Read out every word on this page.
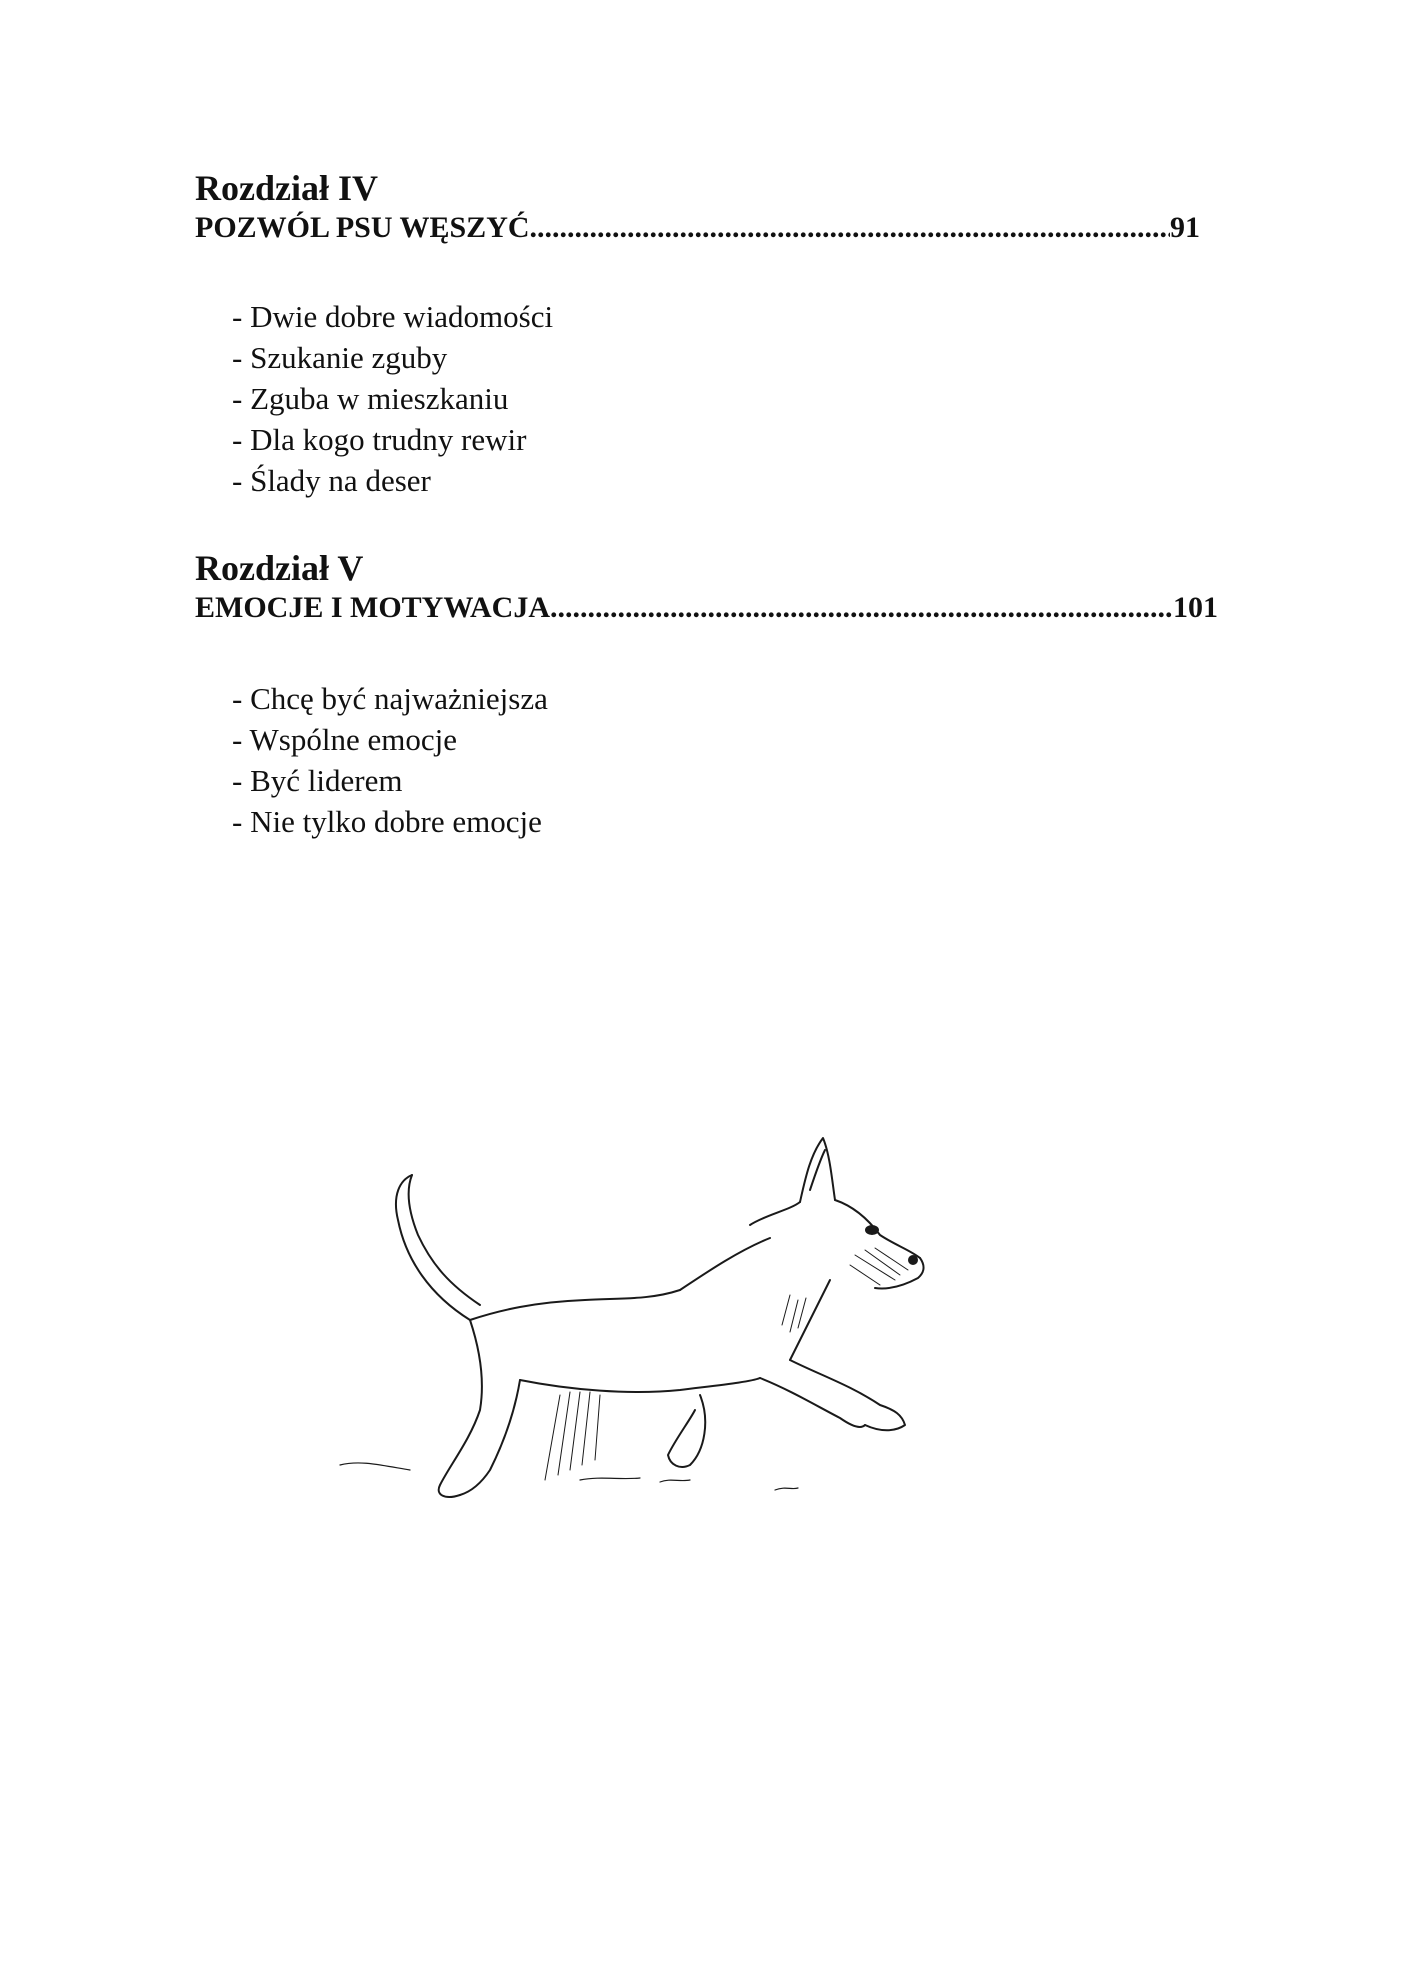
Rozdział IV
POZWÓL PSU WĘSZYĆ .....	91
- Dwie dobre wiadomości
- Szukanie zguby
- Zguba w mieszkaniu
- Dla kogo trudny rewir
- Ślady na deser
Rozdział V
EMOCJE I MOTYWACJA .....	101
- Chcę być najważniejsza
- Wspólne emocje
- Być liderem
- Nie tylko dobre emocje
